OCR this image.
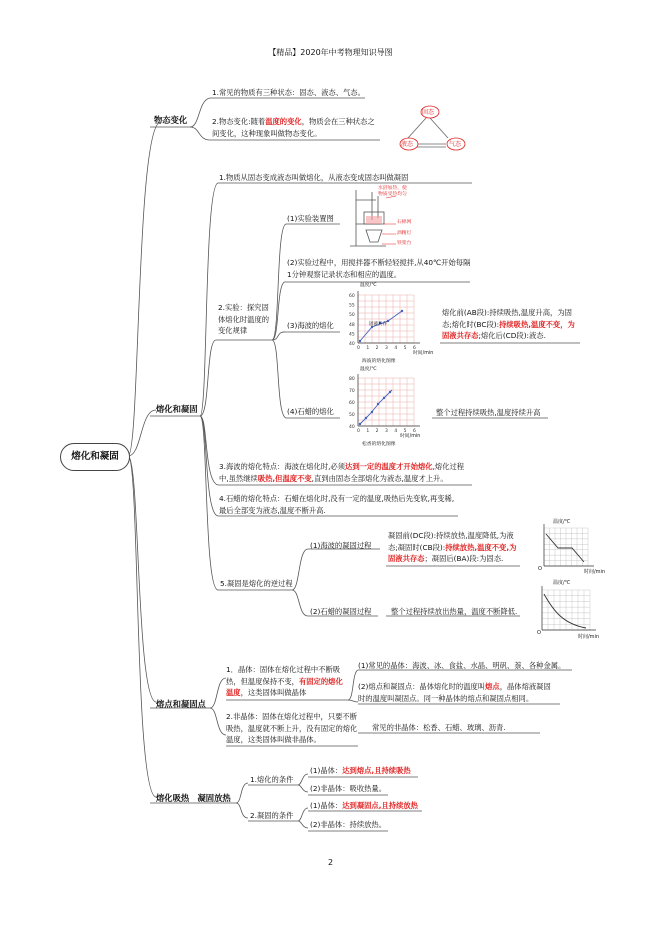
【精品】2020年中考物理知识导图
熔化和凝固
物态变化
1.常见的物质有三种状态：固态、液态、气态。
2.物态变化:随着温度的变化，物质会在三种状态之间变化，这种现象叫做物态变化。
固态
液态	气态
熔化和凝固
1.物质从固态变成液态叫做熔化，从液态变成固态叫做凝固
2.实验：探究固体熔化时温度的变化规律
(1)实验装置图
水浴加热，使物质受热均匀
石棉网
酒精灯
铁架台
(2)实验过程中，用搅拌器不断轻轻搅拌,从40℃开始每隔1分钟观察记录状态和相应的温度。
(3)海波的熔化
0 1 2 3 4 5 6
60
55
50
48
45
40
温度/℃
时间/min
海波的熔化图像
固液共存
熔化前(AB段):持续吸热,温度升高，为固态;熔化时(BC段):持续吸热,温度不变，为固液共存态;熔化后(CD段):液态.
(4)石蜡的熔化
0 1 2 3 4 5 6
80
70
60
50
40
温度/℃
时间/min
松香的熔化图像
整个过程持续吸热,温度持续升高
3.海波的熔化特点：海波在熔化时,必须达到一定的温度才开始熔化,熔化过程中,虽然继续吸热,但温度不变,直到由固态全部熔化为液态,温度才上升。
4.石蜡的熔化特点：石蜡在熔化时,没有一定的温度,吸热后先变软,再变稀,最后全部变为液态,温度不断升高.
5.凝固是熔化的逆过程
(1)海波的凝固过程
凝固前(DC段):持续放热,温度降低,为液态;凝固时(CB段):持续放热,温度不变,为固液共存态；凝固后(BA)段:为固态.
温度/℃
时间/min
O
(2)石蜡的凝固过程	整个过程持续放出热量，温度不断降低.
温度/℃
时间/min
O
熔点和凝固点
1．晶体：固体在熔化过程中不断吸热，但温度保持不变，有固定的熔化温度，这类固体叫做晶体
(1)常见的晶体：海波、冰、食盐、水晶、明矾、萘、各种金属。
(2)熔点和凝固点：晶体熔化时的温度叫熔点，晶体熔液凝固时的温度叫凝固点。同一种晶体的熔点和凝固点相同。
2.非晶体：固体在熔化过程中，只要不断吸热，温度就不断上升，没有固定的熔化温度，这类固体叫做非晶体。
常见的非晶体：松香、石蜡、玻璃、沥青.
熔化吸热　凝固放热
1.熔化的条件
(1)晶体：达到熔点,且持续吸热
(2)非晶体：吸收热量。
2.凝固的条件
(1)晶体：达到凝固点,且持续放热
(2)非晶体：持续放热。
2
